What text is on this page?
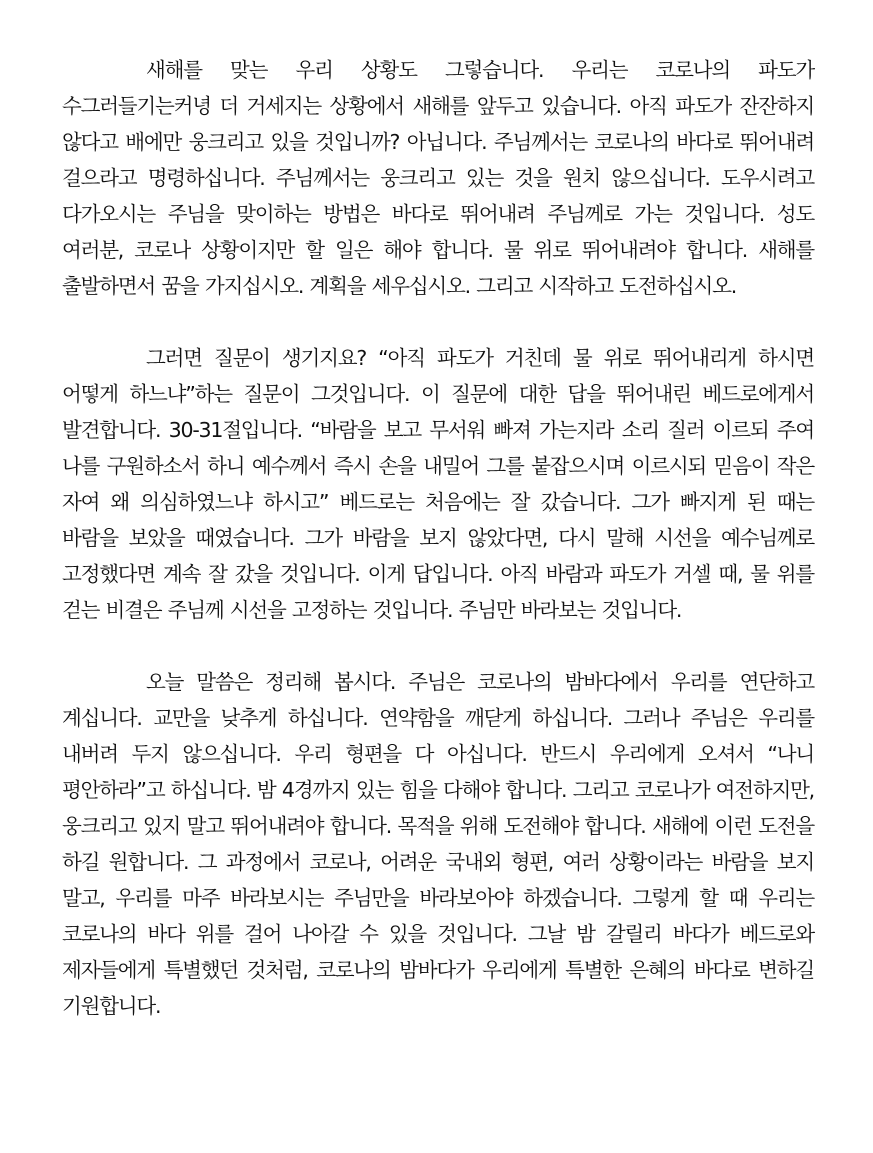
새해를 맞는 우리 상황도 그렇습니다. 우리는 코로나의 파도가 수그러들기는커녕 더 거세지는 상황에서 새해를 앞두고 있습니다. 아직 파도가 잔잔하지 않다고 배에만 웅크리고 있을 것입니까? 아닙니다. 주님께서는 코로나의 바다로 뛰어내려 걸으라고 명령하십니다. 주님께서는 웅크리고 있는 것을 원치 않으십니다. 도우시려고 다가오시는 주님을 맞이하는 방법은 바다로 뛰어내려 주님께로 가는 것입니다. 성도 여러분, 코로나 상황이지만 할 일은 해야 합니다. 물 위로 뛰어내려야 합니다. 새해를 출발하면서 꿈을 가지십시오. 계획을 세우십시오. 그리고 시작하고 도전하십시오.

그러면 질문이 생기지요? “아직 파도가 거친데 물 위로 뛰어내리게 하시면 어떻게 하느냐”하는 질문이 그것입니다. 이 질문에 대한 답을 뛰어내린 베드로에게서 발견합니다. 30-31절입니다. “바람을 보고 무서워 빠져 가는지라 소리 질러 이르되 주여 나를 구원하소서 하니 예수께서 즉시 손을 내밀어 그를 붙잡으시며 이르시되 믿음이 작은 자여 왜 의심하였느냐 하시고” 베드로는 처음에는 잘 갔습니다. 그가 빠지게 된 때는 바람을 보았을 때였습니다. 그가 바람을 보지 않았다면, 다시 말해 시선을 예수님께로 고정했다면 계속 잘 갔을 것입니다. 이게 답입니다. 아직 바람과 파도가 거셀 때, 물 위를 걷는 비결은 주님께 시선을 고정하는 것입니다. 주님만 바라보는 것입니다.

오늘 말씀은 정리해 봅시다. 주님은 코로나의 밤바다에서 우리를 연단하고 계십니다. 교만을 낮추게 하십니다. 연약함을 깨닫게 하십니다. 그러나 주님은 우리를 내버려 두지 않으십니다. 우리 형편을 다 아십니다. 반드시 우리에게 오셔서 “나니 평안하라”고 하십니다. 밤 4경까지 있는 힘을 다해야 합니다. 그리고 코로나가 여전하지만, 웅크리고 있지 말고 뛰어내려야 합니다. 목적을 위해 도전해야 합니다. 새해에 이런 도전을 하길 원합니다. 그 과정에서 코로나, 어려운 국내외 형편, 여러 상황이라는 바람을 보지 말고, 우리를 마주 바라보시는 주님만을 바라보아야 하겠습니다. 그렇게 할 때 우리는 코로나의 바다 위를 걸어 나아갈 수 있을 것입니다. 그날 밤 갈릴리 바다가 베드로와 제자들에게 특별했던 것처럼, 코로나의 밤바다가 우리에게 특별한 은혜의 바다로 변하길 기원합니다.
